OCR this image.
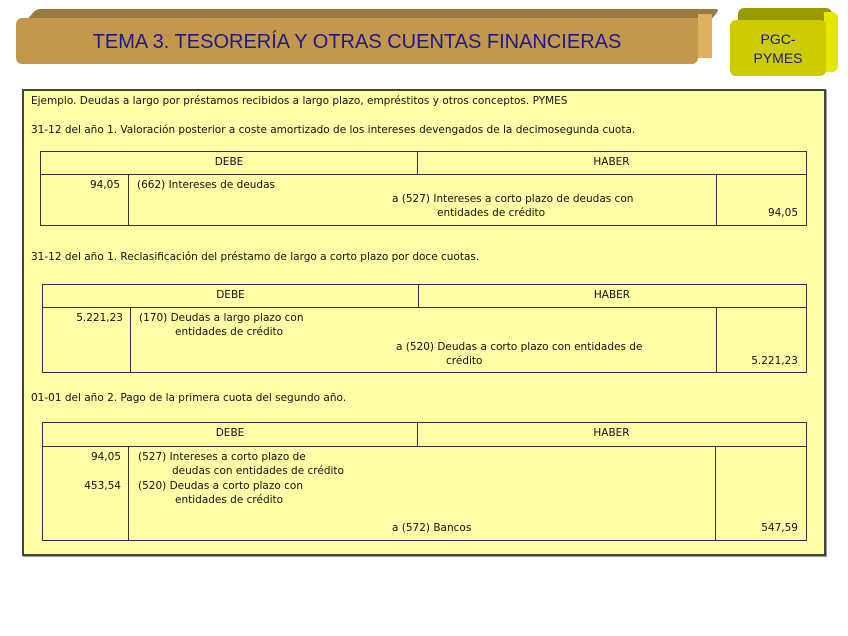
TEMA 3. TESORERÍA Y OTRAS CUENTAS FINANCIERAS	PGC-
PYMES
Ejemplo. Deudas a largo por préstamos recibidos a largo plazo, empréstitos y otros conceptos. PYMES
31-12 del año 1. Valoración posterior a coste amortizado de los intereses devengados de la decimosegunda cuota.
DEBE	HABER
94,05 (662) Intereses de deudas
a (527) Intereses a corto plazo de deudas con
entidades de crédito	94,05
31-12 del año 1. Reclasificación del préstamo de largo a corto plazo por doce cuotas.
DEBE	HABER
5.221,23 (170) Deudas a largo plazo con
entidades de crédito
a (520) Deudas a corto plazo con entidades de
crédito	5.221,23
01-01 del año 2. Pago de la primera cuota del segundo año.
DEBE	HABER
94,05 (527) Intereses a corto plazo de
deudas con entidades de crédito
453,54 (520) Deudas a corto plazo con
entidades de crédito
a (572) Bancos	547,59
